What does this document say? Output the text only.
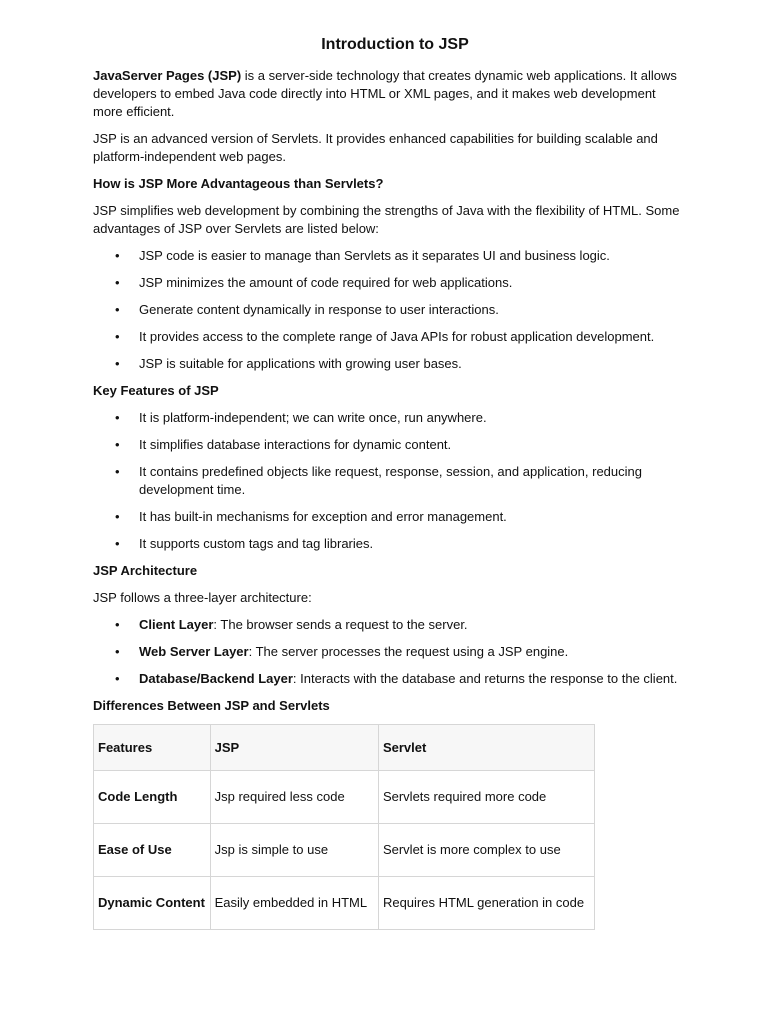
Introduction to JSP

JavaServer Pages (JSP) is a server-side technology that creates dynamic web applications. It allows developers to embed Java code directly into HTML or XML pages, and it makes web development more efficient.

JSP is an advanced version of Servlets. It provides enhanced capabilities for building scalable and platform-independent web pages.

How is JSP More Advantageous than Servlets?

JSP simplifies web development by combining the strengths of Java with the flexibility of HTML. Some advantages of JSP over Servlets are listed below:

• JSP code is easier to manage than Servlets as it separates UI and business logic.
• JSP minimizes the amount of code required for web applications.
• Generate content dynamically in response to user interactions.
• It provides access to the complete range of Java APIs for robust application development.
• JSP is suitable for applications with growing user bases.
Key Features of JSP
• It is platform-independent; we can write once, run anywhere.
• It simplifies database interactions for dynamic content.
• It contains predefined objects like request, response, session, and application, reducing development time.
• It has built-in mechanisms for exception and error management.
• It supports custom tags and tag libraries.
JSP Architecture

JSP follows a three-layer architecture:

• Client Layer: The browser sends a request to the server.
• Web Server Layer: The server processes the request using a JSP engine.
• Database/Backend Layer: Interacts with the database and returns the response to the client.
Differences Between JSP and Servlets
Features	JSP	Servlet
Code Length	Jsp required less code	Servlets required more code
Ease of Use	Jsp is simple to use	Servlet is more complex to use
Dynamic Content	Easily embedded in HTML	Requires HTML generation in code
